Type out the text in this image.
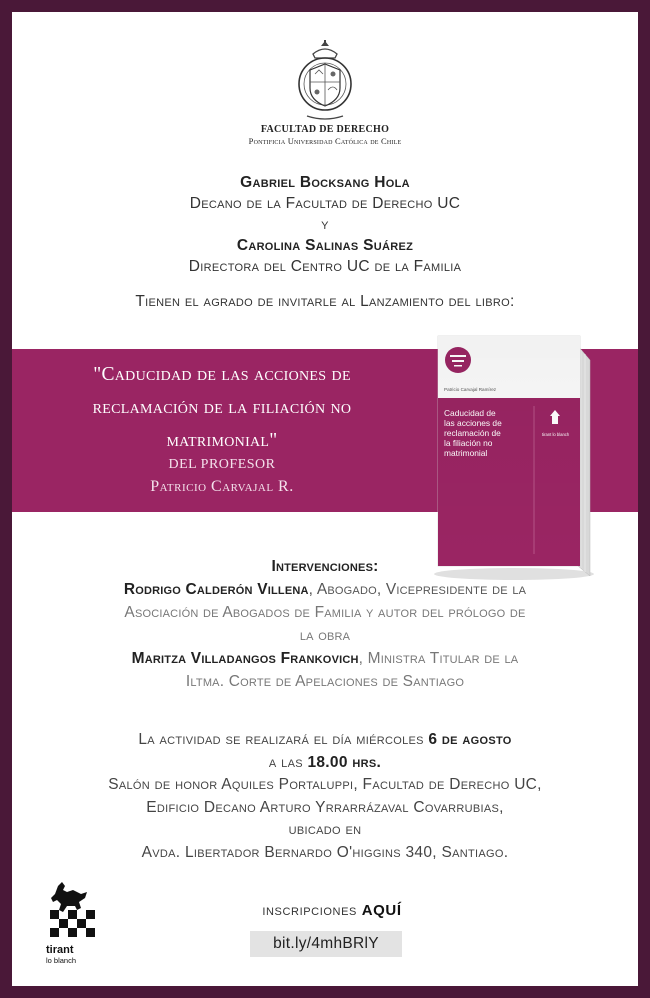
FACULTAD DE DERECHO
Pontificia Universidad Católica de Chile
Gabriel Bocksang Hola
Decano de la Facultad de Derecho UC
y
Carolina Salinas Suárez
Directora del Centro UC de la Familia
Tienen el agrado de invitarle al Lanzamiento del libro:
"Caducidad de las acciones de
reclamación de la filiación no
matrimonial"
DEL PROFESOR
Patricio Carvajal R.
Patricio Carvajal Ramírez
Caducidad de las acciones de reclamación de la filiación no matrimonial
tirant lo blanch
Intervenciones:
Rodrigo Calderón Villena, Abogado, Vicepresidente de la
Asociación de Abogados de Familia y autor del prólogo de
la obra
Maritza Villadangos Frankovich, Ministra Titular de la
Iltma. Corte de Apelaciones de Santiago
La actividad se realizará el día miércoles 6 de agosto
a las 18.00 hrs.
Salón de honor Aquiles Portaluppi, Facultad de Derecho UC,
Edificio Decano Arturo Yrrarrázaval Covarrubias,
ubicado en
Avda. Libertador Bernardo O'higgins 340, Santiago.
tirant
lo blanch
inscripciones AQUÍ
bit.ly/4mhBRlY
